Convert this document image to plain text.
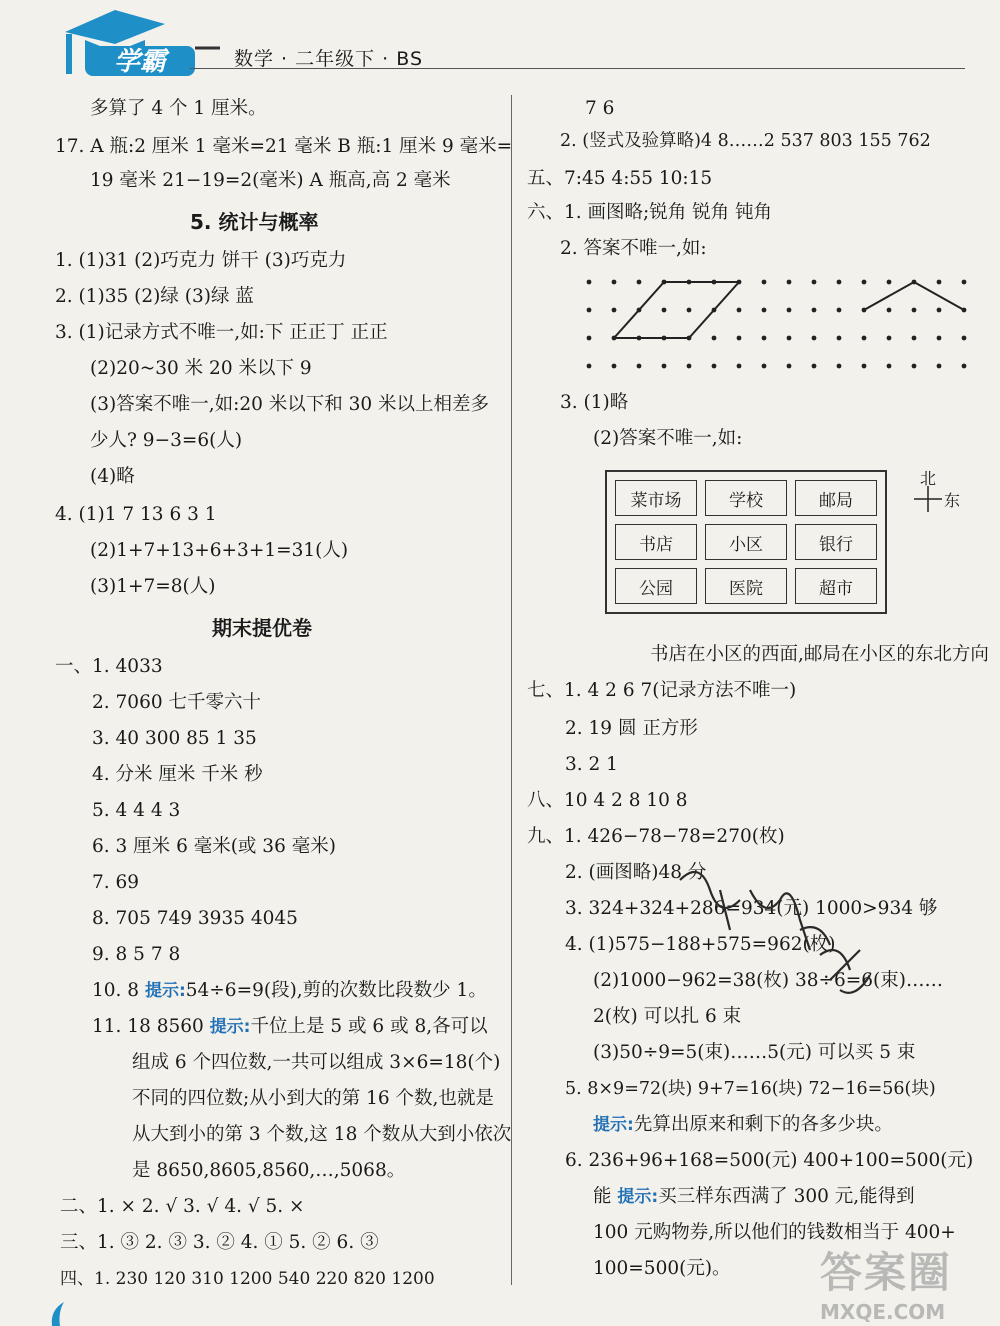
学霸	数学 · 二年级下 · BS
多算了 4 个 1 厘米。
17. A 瓶:2 厘米 1 毫米=21 毫米 B 瓶:1 厘米 9 毫米=
19 毫米 21−19=2(毫米) A 瓶高,高 2 毫米
5. 统计与概率
1. (1)31 (2)巧克力 饼干 (3)巧克力
2. (1)35 (2)绿 (3)绿 蓝
3. (1)记录方式不唯一,如:下 正正丁 正正
(2)20~30 米 20 米以下 9
(3)答案不唯一,如:20 米以下和 30 米以上相差多
少人? 9−3=6(人)
(4)略
4. (1)1 7 13 6 3 1
(2)1+7+13+6+3+1=31(人)
(3)1+7=8(人)
期末提优卷
一、1. 4033
2. 7060 七千零六十
3. 40 300 85 1 35
4. 分米 厘米 千米 秒
5. 4 4 4 3
6. 3 厘米 6 毫米(或 36 毫米)
7. 69
8. 705 749 3935 4045
9. 8 5 7 8
10. 8 提示:54÷6=9(段),剪的次数比段数少 1。
11. 18 8560 提示:千位上是 5 或 6 或 8,各可以
组成 6 个四位数,一共可以组成 3×6=18(个)
不同的四位数;从小到大的第 16 个数,也就是
从大到小的第 3 个数,这 18 个数从大到小依次
是 8650,8605,8560,…,5068。
二、1. × 2. √ 3. √ 4. √ 5. ×
三、1. ③ 2. ③ 3. ② 4. ① 5. ② 6. ③
四、1. 230 120 310 1200 540 220 820 1200
7 6
2. (竖式及验算略)4 8……2 537 803 155 762
五、7:45 4:55 10:15
六、1. 画图略;锐角 锐角 钝角
2. 答案不唯一,如:
3. (1)略
(2)答案不唯一,如:
菜市场	学校	邮局
书店	小区	银行
公园	医院	超市
北
东
书店在小区的西面,邮局在小区的东北方向
七、1. 4 2 6 7(记录方法不唯一)
2. 19 圆 正方形
3. 2 1
八、10 4 2 8 10 8
九、1. 426−78−78=270(枚)
2. (画图略)48 分
3. 324+324+286=934(元) 1000>934 够
4. (1)575−188+575=962(枚)
(2)1000−962=38(枚) 38÷6=6(束)……
2(枚) 可以扎 6 束
(3)50÷9=5(束)……5(元) 可以买 5 束
5. 8×9=72(块) 9+7=16(块) 72−16=56(块)
提示:先算出原来和剩下的各多少块。
6. 236+96+168=500(元) 400+100=500(元)
能 提示:买三样东西满了 300 元,能得到
100 元购物券,所以他们的钱数相当于 400+
100=500(元)。 答案圈
MXQE.COM
